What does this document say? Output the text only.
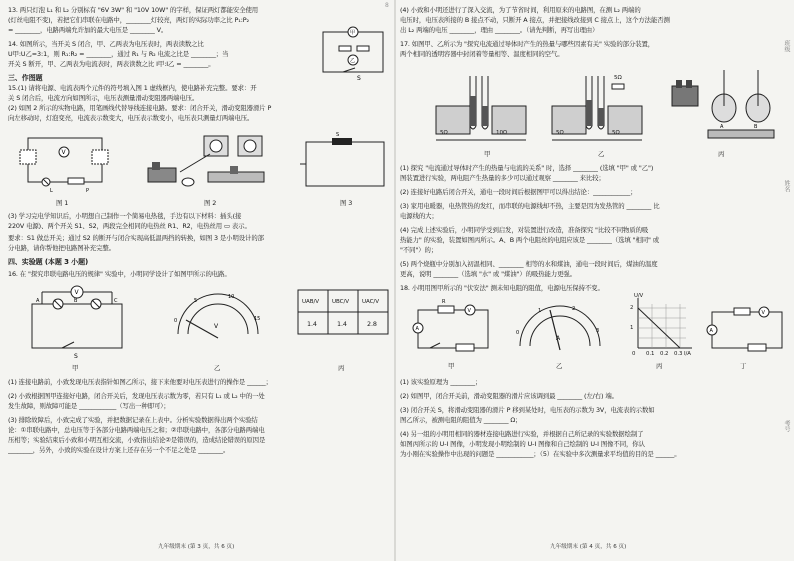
8
13. 两只灯泡 L₁ 和 L₂ 分别标有 "6V 3W" 和 "10V 10W" 的字样，保证两灯都能安全使用
(灯丝电阻不变)，若把它们串联在电路中，________灯较亮，两灯的实际功率之比 P₁:P₂
= ________，电路两端允许加的最大电压是 ________ V。
14. 如图所示，当开关 S 闭合，甲、乙两表为电压表时，两表读数之比
U甲:U乙=3:1，则 R₁:R₂ = ________，通过 R₁ 与 R₂ 电流之比是 ________；当
开关 S 断开，甲、乙两表为电流表时，两表读数之比 I甲:I乙 = ________。
甲
乙
S
三、作图题
15.(1) 请将电源、电流表两个元件的符号填入图 1 虚线框内，使电路补充完整。要求：开
关 S 闭合后，电流方向如图所示，电压表测量滑动变阻器两端电压。
(2) 如图 2 所示的实物电路，用笔画线代替导线连接电路。要求：闭合开关，滑动变阻器滑片 P
向左移动时，灯泡变亮，电流表示数变大，电压表示数变小，电压表只测量灯两端电压。
V
L	P
图 1	图 2
S
图 3
(3) 学习完电学知识后，小明想自己制作一个简易电热毯，手边有以下材料：插头(接
220V 电源)、两个开关 S1、S2，两段完全相同的电热丝 R1、R2，电热丝用 ▭ 表示。
要求：S1 做总开关；通过 S2 的断开与闭合实现高低温两挡的转换，如图 3 是小明设计的部
分电路，请你帮他把电路图补充完整。
四、实验题 (本题 3 小题)
16. 在 "探究串联电路电压的规律" 实验中，小明同学设计了如图甲所示的电路。
V
A	B	C
S
甲
0
5
10
15
V
乙
UAB/V UBC/V UAC/V
1.4	1.4	2.8
丙
(1) 连接电路前，小致发现电压表指针如图乙所示，接下来他要对电压表进行的操作是 ______；
(2) 小致根据图甲连接好电路，闭合开关后，发现电压表示数为零，若只有 L₁ 或 L₂ 中的一处
发生故障，则故障可能是 ____________（写出一种即可）；
(3) 排除故障后，小致完成了实验，并把数据记录在上表中。分析实验数据得出两个实验结
论：①串联电路中，总电压等于各部分电路两端电压之和；②串联电路中，各部分电路两端电
压相等；实验结束后小致和小明互相交流，小致指出结论②是错误的，造成结论错误的原因是
________，另外，小致的实验在设计方案上还存在另一个不足之处是 ________。
九年级期末 (第 3 页，共 6 页)
(4) 小致和小明还进行了深入交流，为了节省时间，利用原来的电路图，在测 L₂ 两端的
电压时，电压表所接的 B 接点不动，只断开 A 接点，并把接线改接到 C 接点上，这个方法能否测
出 L₂ 两端的电压 ________，理由 ________。（请先判断，再写出理由）
17. 如图甲、乙所示为 "探究电流通过导体时产生的热量与哪些因素有关" 实验的部分装置，
两个相同的透明容器中封闭着等量相等、温度相同的空气。
5Ω	10Ω
甲
5Ω
5Ω	5Ω
乙
A	B
丙
(1) 探究 "电流通过导体时产生的热量与电流的关系" 时，选择 ________ (选填 "甲" 或 "乙")
图装置进行实验，两电阻产生热量的多少可以通过观察 ________ 来比较；
(2) 连接好电路后闭合开关，通电一段时间后根据图甲可以得出结论：____________；
(3) 家用电暖器，电热管热的发红，而串联的电源线却不热，主要是因为发热管的 ________ 比
电源线的大；
(4) 完成上述实验后，小明同学受到启发，对装置进行改造，准备探究 "比较不同物质的吸
热能力" 的实验，装置如图丙所示。A、B 两个电阻丝的电阻应该是 ________（选填 "相同" 或
"不同"）的；
(5) 两个烧瓶中分别加入初温相同、________ 相等的水和煤油，通电一段时间后，煤油的温度
更高，说明 ________（选填 "水" 或 "煤油"）的吸热能力更强。
18. 小明用图甲所示的 "伏安法" 测未知电阻的阻值，电源电压保持不变。
R
V
A
甲
0
1	2
3
A
乙
U/V
2
1
0 0.1 0.2 0.3 I/A
丙
A
V
丁
(1) 该实验原理为 ________；
(2) 如图甲，闭合开关前，滑动变阻器的滑片应该调到最 ________ (左/右) 端。
(3) 闭合开关 S，将滑动变阻器的滑片 P 移到某处时，电压表的示数为 3V，电流表的示数如
图乙所示，被测电阻的阻值为 ________ Ω；
(4) 另一组的小明用相同的器材连接电路进行实验，并根据自己所记录的实验数据绘制了
如图丙所示的 U-I 图像，小明发现小明绘制的 U-I 图像和自己绘制的 U-I 图像不同，你认
为小刚在实验操作中出现的问题是 ____________；（5）在实验中多次测量求平均值的目的是 ______。
九年级期末 (第 4 页，共 6 页)
班级
姓名
考号
